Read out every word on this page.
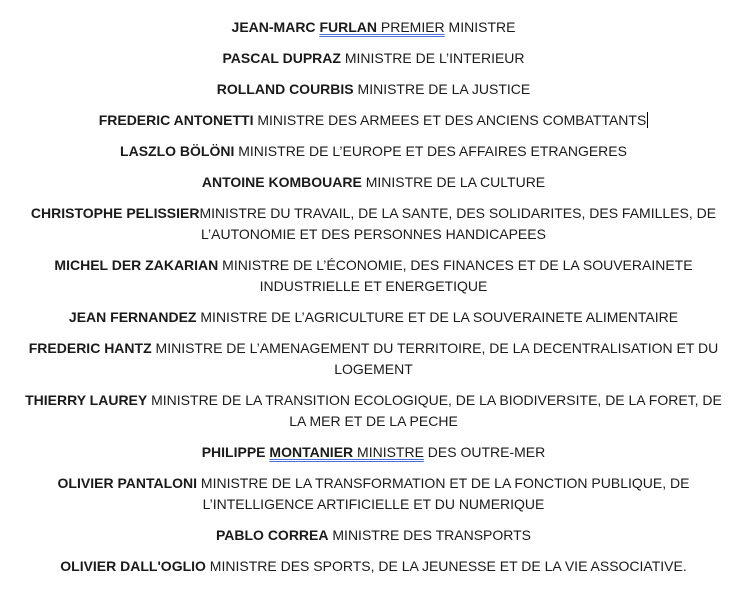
JEAN-MARC FURLAN PREMIER MINISTRE

PASCAL DUPRAZ MINISTRE DE L’INTERIEUR

ROLLAND COURBIS MINISTRE DE LA JUSTICE

FREDERIC ANTONETTI MINISTRE DES ARMEES ET DES ANCIENS COMBATTANTS

LASZLO BÖLÖNI MINISTRE DE L’EUROPE ET DES AFFAIRES ETRANGERES

ANTOINE KOMBOUARE MINISTRE DE LA CULTURE

CHRISTOPHE PELISSIERMINISTRE DU TRAVAIL, DE LA SANTE, DES SOLIDARITES, DES FAMILLES, DE L’AUTONOMIE ET DES PERSONNES HANDICAPEES

MICHEL DER ZAKARIAN MINISTRE DE L’ÉCONOMIE, DES FINANCES ET DE LA SOUVERAINETE INDUSTRIELLE ET ENERGETIQUE

JEAN FERNANDEZ MINISTRE DE L’AGRICULTURE ET DE LA SOUVERAINETE ALIMENTAIRE

FREDERIC HANTZ MINISTRE DE L’AMENAGEMENT DU TERRITOIRE, DE LA DECENTRALISATION ET DU LOGEMENT

THIERRY LAUREY MINISTRE DE LA TRANSITION ECOLOGIQUE, DE LA BIODIVERSITE, DE LA FORET, DE LA MER ET DE LA PECHE

PHILIPPE MONTANIER MINISTRE DES OUTRE-MER

OLIVIER PANTALONI MINISTRE DE LA TRANSFORMATION ET DE LA FONCTION PUBLIQUE, DE L’INTELLIGENCE ARTIFICIELLE ET DU NUMERIQUE

PABLO CORREA MINISTRE DES TRANSPORTS

OLIVIER DALL'OGLIO MINISTRE DES SPORTS, DE LA JEUNESSE ET DE LA VIE ASSOCIATIVE.
